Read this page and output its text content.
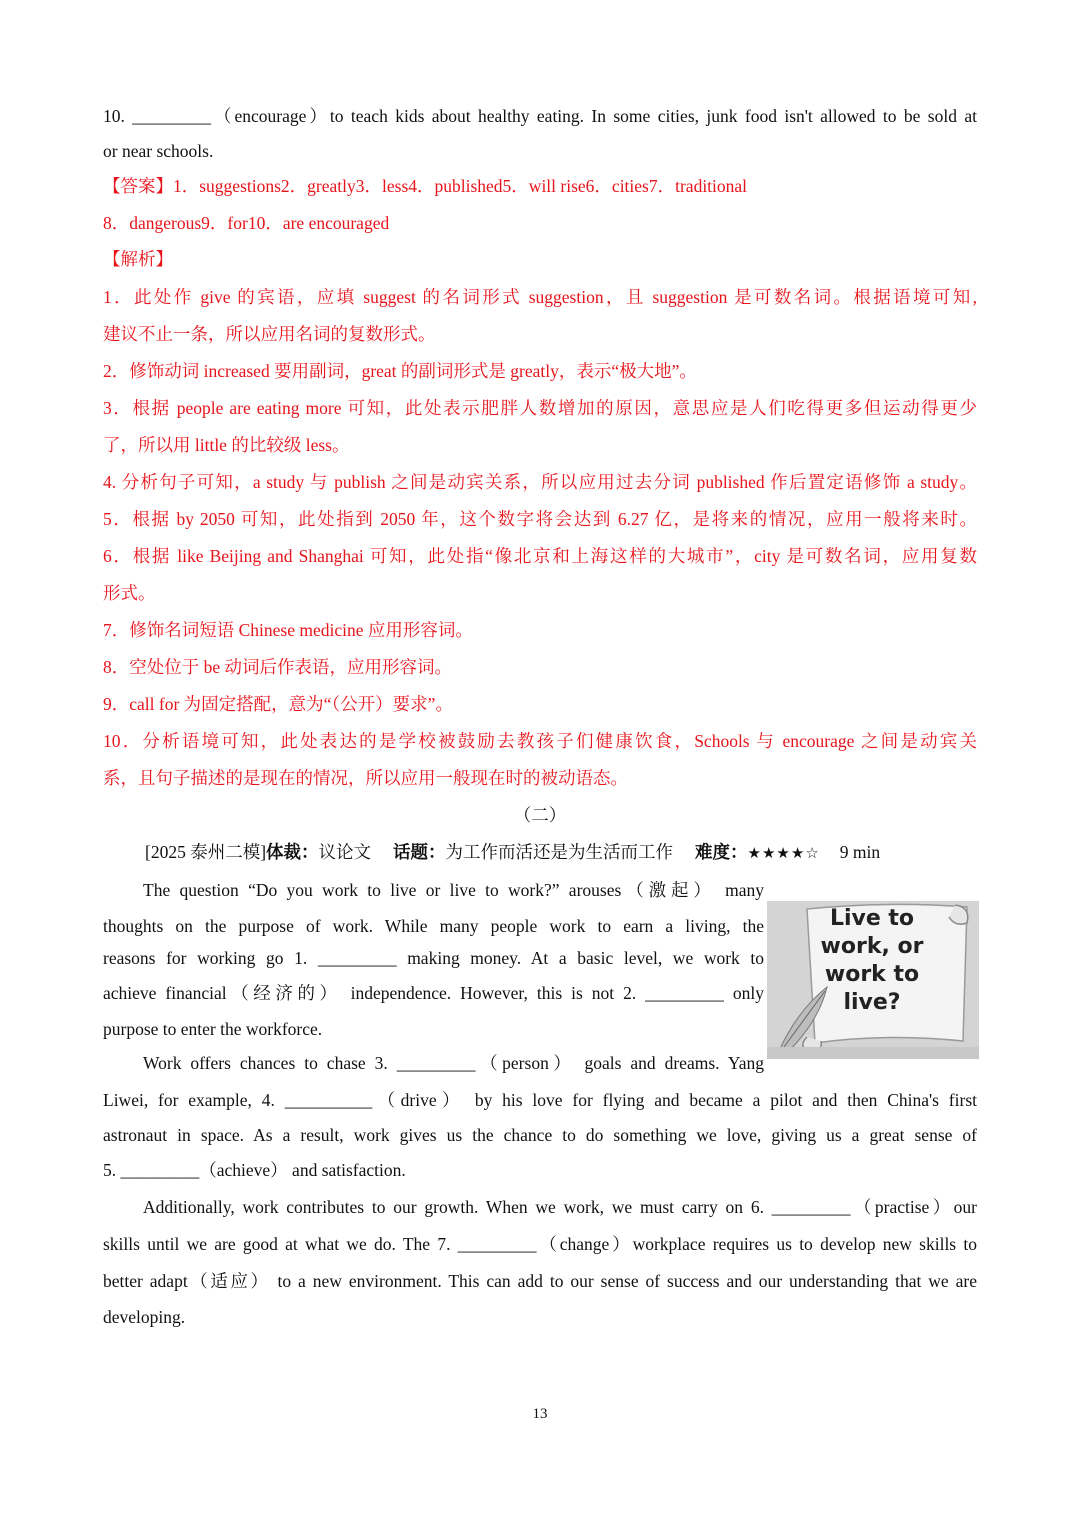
10. _________（encourage）to teach kids about healthy eating. In some cities, junk food isn't allowed to be sold at
or near schools.
【答案】1．suggestions2．greatly3．less4．published5．will rise6．cities7．traditional
8．dangerous9．for10．are encouraged
【解析】
1．此处作 give 的宾语，应填 suggest 的名词形式 suggestion，且 suggestion 是可数名词。根据语境可知,
建议不止一条，所以应用名词的复数形式。
2．修饰动词 increased 要用副词，great 的副词形式是 greatly，表示“极大地”。
3．根据 people are eating more 可知，此处表示肥胖人数增加的原因，意思应是人们吃得更多但运动得更少
了，所以用 little 的比较级 less。
4. 分析句子可知，a study 与 publish 之间是动宾关系，所以应用过去分词 published 作后置定语修饰 a study。
5．根据 by 2050 可知，此处指到 2050 年，这个数字将会达到 6.27 亿，是将来的情况，应用一般将来时。
6．根据 like Beijing and Shanghai 可知，此处指“像北京和上海这样的大城市”，city 是可数名词，应用复数
形式。
7．修饰名词短语 Chinese medicine 应用形容词。
8．空处位于 be 动词后作表语，应用形容词。
9．call for 为固定搭配，意为“（公开）要求”。
10．分析语境可知，此处表达的是学校被鼓励去教孩子们健康饮食，Schools 与 encourage 之间是动宾关
系，且句子描述的是现在的情况，所以应用一般现在时的被动语态。
（二）
[2025 泰州二模]体裁：议论文 话题：为工作而活还是为生活而工作 难度：★★★★☆ 9 min
Live to
work, or
work to
live?
The question “Do you work to live or live to work?” arouses（激起） many
thoughts on the purpose of work. While many people work to earn a living, the
reasons for working go 1. _________ making money. At a basic level, we work to
achieve financial（经济的） independence. However, this is not 2. _________ only
purpose to enter the workforce.
Work offers chances to chase 3. _________（person） goals and dreams. Yang
Liwei, for example, 4. __________（drive） by his love for flying and became a pilot and then China's first
astronaut in space. As a result, work gives us the chance to do something we love, giving us a great sense of
5. _________（achieve） and satisfaction.
Additionally, work contributes to our growth. When we work, we must carry on 6. _________（practise）our
skills until we are good at what we do. The 7. _________（change）workplace requires us to develop new skills to
better adapt（适应） to a new environment. This can add to our sense of success and our understanding that we are
developing.
13
